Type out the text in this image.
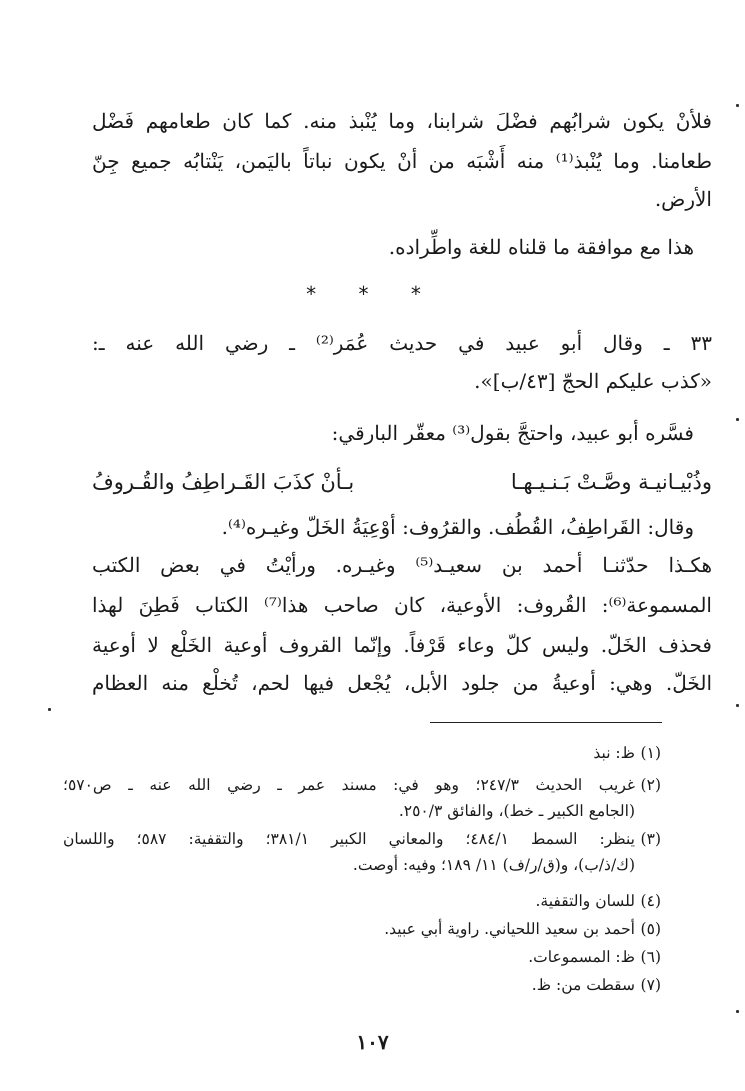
فلأنْ يكون شرابُهم فضْلَ شرابنا، وما يُنْبذ منه. كما كان طعامهم فَضْل
طعامنا. وما يُنْبذ⁽¹⁾ منه أَشْبَه من أنْ يكون نباتاً باليَمن، يَنْتابُه جميع جِنّ
الأرض.
هذا مع موافقة ما قلناه للغة واطِّراده.
* * *
٣٣ ـ وقال أبو عبيد في حديث عُمَر⁽²⁾ ـ رضي الله عنه ـ:
«كذب عليكم الحجّ [٤٣/ب]».
فسَّره أبو عبيد، واحتجَّ بقول⁽³⁾ معقّر البارقي:
وذُبْيـانيـة وصَّـتْ بَـنـيـهـا
بـأنْ كذَبَ القَـراطِفُ والقُـروفُ
وقال: القَراطِفُ، القُطُف. والقرُوف: أوْعِيَةُ الخَلّ وغيـره⁽⁴⁾.
هكـذا حدّثنـا أحمد بن سعيـد⁽⁵⁾ وغيـره. ورأيْتُ في بعض الكتب
المسموعة⁽⁶⁾: القُروف: الأوعية، كان صاحب هذا⁽⁷⁾ الكتاب فَطِنَ لهذا
فحذف الخَلّ. وليس كلّ وعاء قَرْفاً. وإنّما القروف أوعية الخَلْع لا أوعية
الخَلّ. وهي: أوعيةُ من جلود الأبل، يُجْعل فيها لحم، تُخلْع منه العظام
(١)ظ: نبذ
(٢)غريب الحديث ٢٤٧/٣؛ وهو في: مسند عمر ـ رضي الله عنه ـ ص٥٧٠؛
(الجامع الكبير ـ خط)، والفائق ٢٥٠/٣.
(٣)ينظر: السمط ٤٨٤/١؛ والمعاني الكبير ٣٨١/١؛ والتقفية: ٥٨٧؛ واللسان
(ك/ذ/ب)، و(ق/ر/ف) ١١/ ١٨٩؛ وفيه: أوصت.
(٤)للسان والتقفية.
(٥)أحمد بن سعيد اللحياني. راوية أبي عبيد.
(٦)ظ: المسموعات.
(٧)سقطت من: ظ.
١٠٧
